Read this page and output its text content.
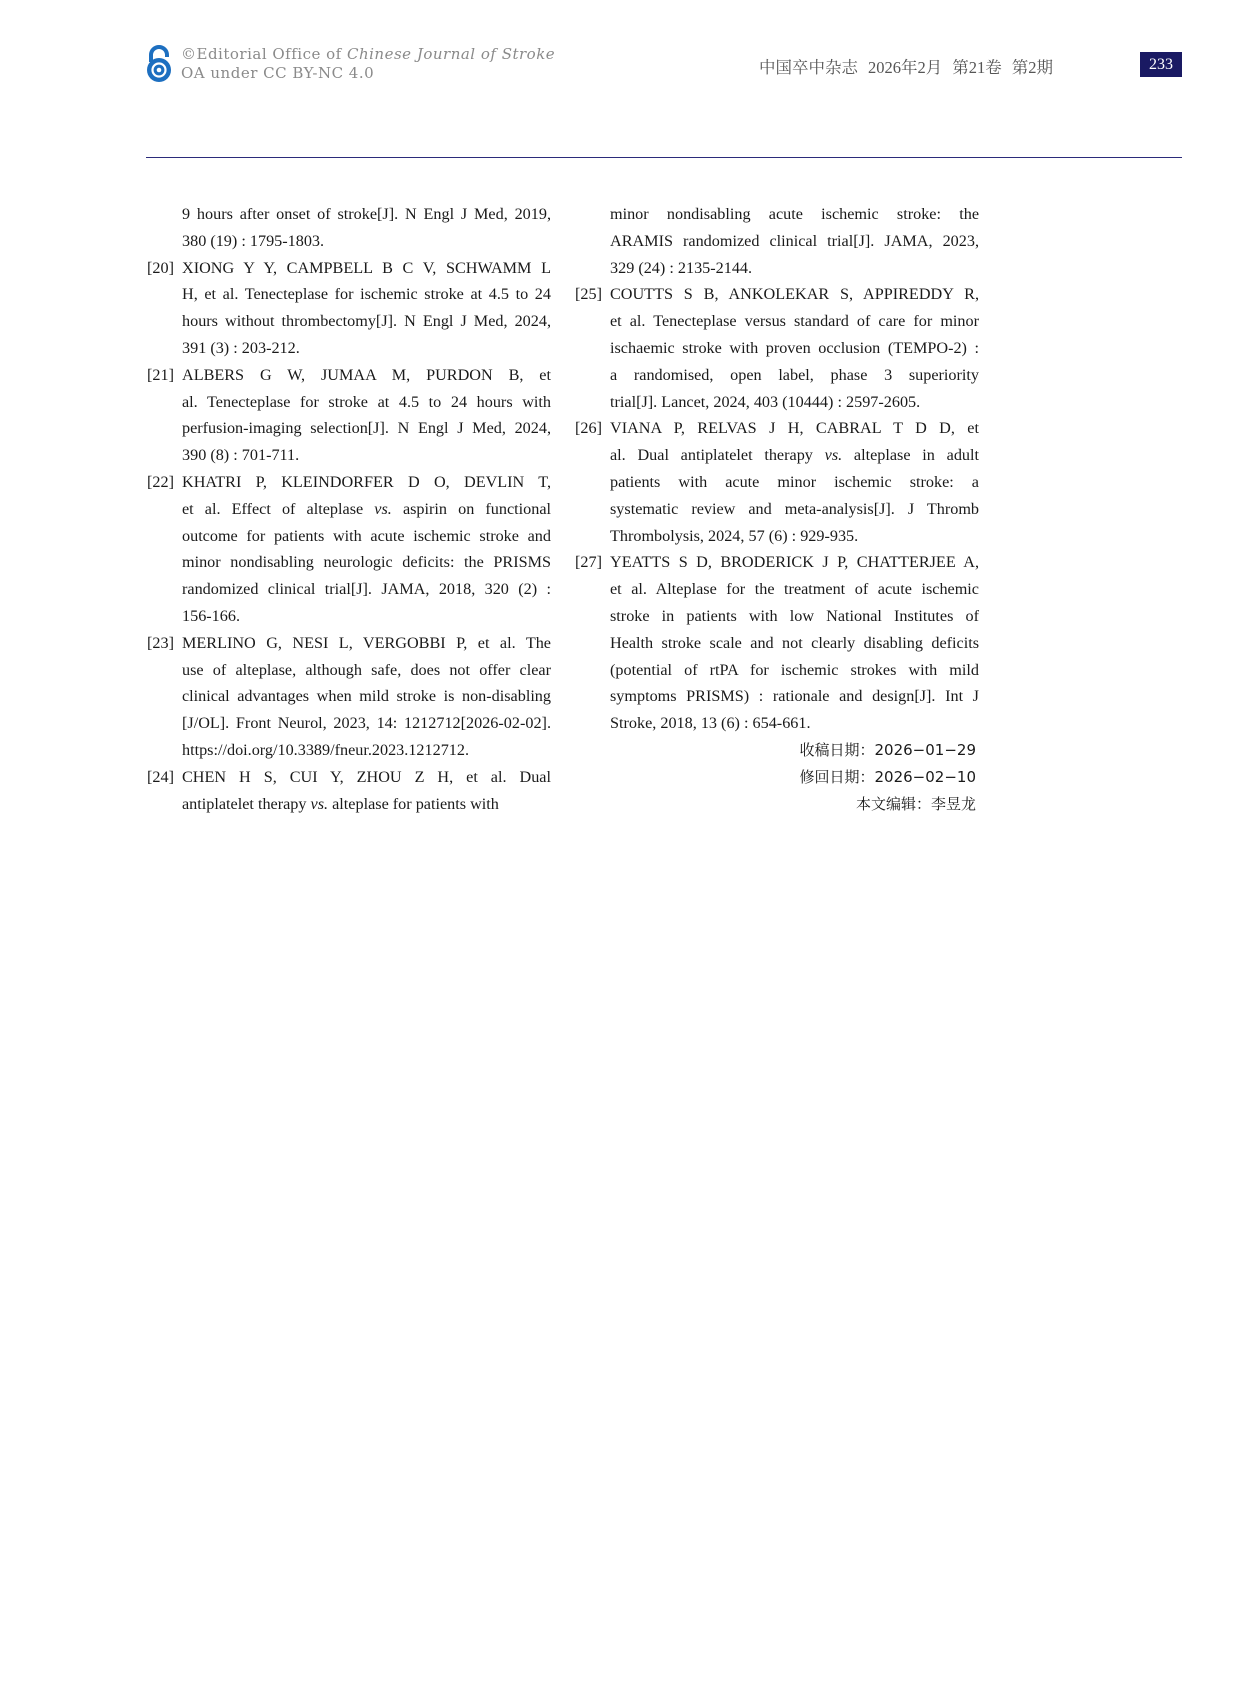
©Editorial Office of Chinese Journal of Stroke
OA under CC BY-NC 4.0	中国卒中杂志 2026年2月 第21卷 第2期	233
9 hours after onset of stroke[J]. N Engl J Med, 2019,
380 (19) : 1795-1803.
[20] XIONG Y Y, CAMPBELL B C V, SCHWAMM L
H, et al. Tenecteplase for ischemic stroke at 4.5 to 24
hours without thrombectomy[J]. N Engl J Med, 2024,
391 (3) : 203-212.
[21] ALBERS G W, JUMAA M, PURDON B, et
al. Tenecteplase for stroke at 4.5 to 24 hours with
perfusion-imaging selection[J]. N Engl J Med, 2024,
390 (8) : 701-711.
[22] KHATRI P, KLEINDORFER D O, DEVLIN T,
et al. Effect of alteplase vs. aspirin on functional
outcome for patients with acute ischemic stroke and
minor nondisabling neurologic deficits: the PRISMS
randomized clinical trial[J]. JAMA, 2018, 320 (2) :
156-166.
[23] MERLINO G, NESI L, VERGOBBI P, et al. The
use of alteplase, although safe, does not offer clear
clinical advantages when mild stroke is non-disabling
[J/OL]. Front Neurol, 2023, 14: 1212712[2026-02-02].
https://doi.org/10.3389/fneur.2023.1212712.
[24] CHEN H S, CUI Y, ZHOU Z H, et al. Dual
antiplatelet therapy vs. alteplase for patients with
minor nondisabling acute ischemic stroke: the
ARAMIS randomized clinical trial[J]. JAMA, 2023,
329 (24) : 2135-2144.
[25] COUTTS S B, ANKOLEKAR S, APPIREDDY R,
et al. Tenecteplase versus standard of care for minor
ischaemic stroke with proven occlusion (TEMPO-2) :
a randomised, open label, phase 3 superiority
trial[J]. Lancet, 2024, 403 (10444) : 2597-2605.
[26] VIANA P, RELVAS J H, CABRAL T D D, et
al. Dual antiplatelet therapy vs. alteplase in adult
patients with acute minor ischemic stroke: a
systematic review and meta-analysis[J]. J Thromb
Thrombolysis, 2024, 57 (6) : 929-935.
[27] YEATTS S D, BRODERICK J P, CHATTERJEE A,
et al. Alteplase for the treatment of acute ischemic
stroke in patients with low National Institutes of
Health stroke scale and not clearly disabling deficits
(potential of rtPA for ischemic strokes with mild
symptoms PRISMS) : rationale and design[J]. Int J
Stroke, 2018, 13 (6) : 654-661.
收稿日期：2026−01−29
修回日期：2026−02−10
本文编辑：李昱龙
